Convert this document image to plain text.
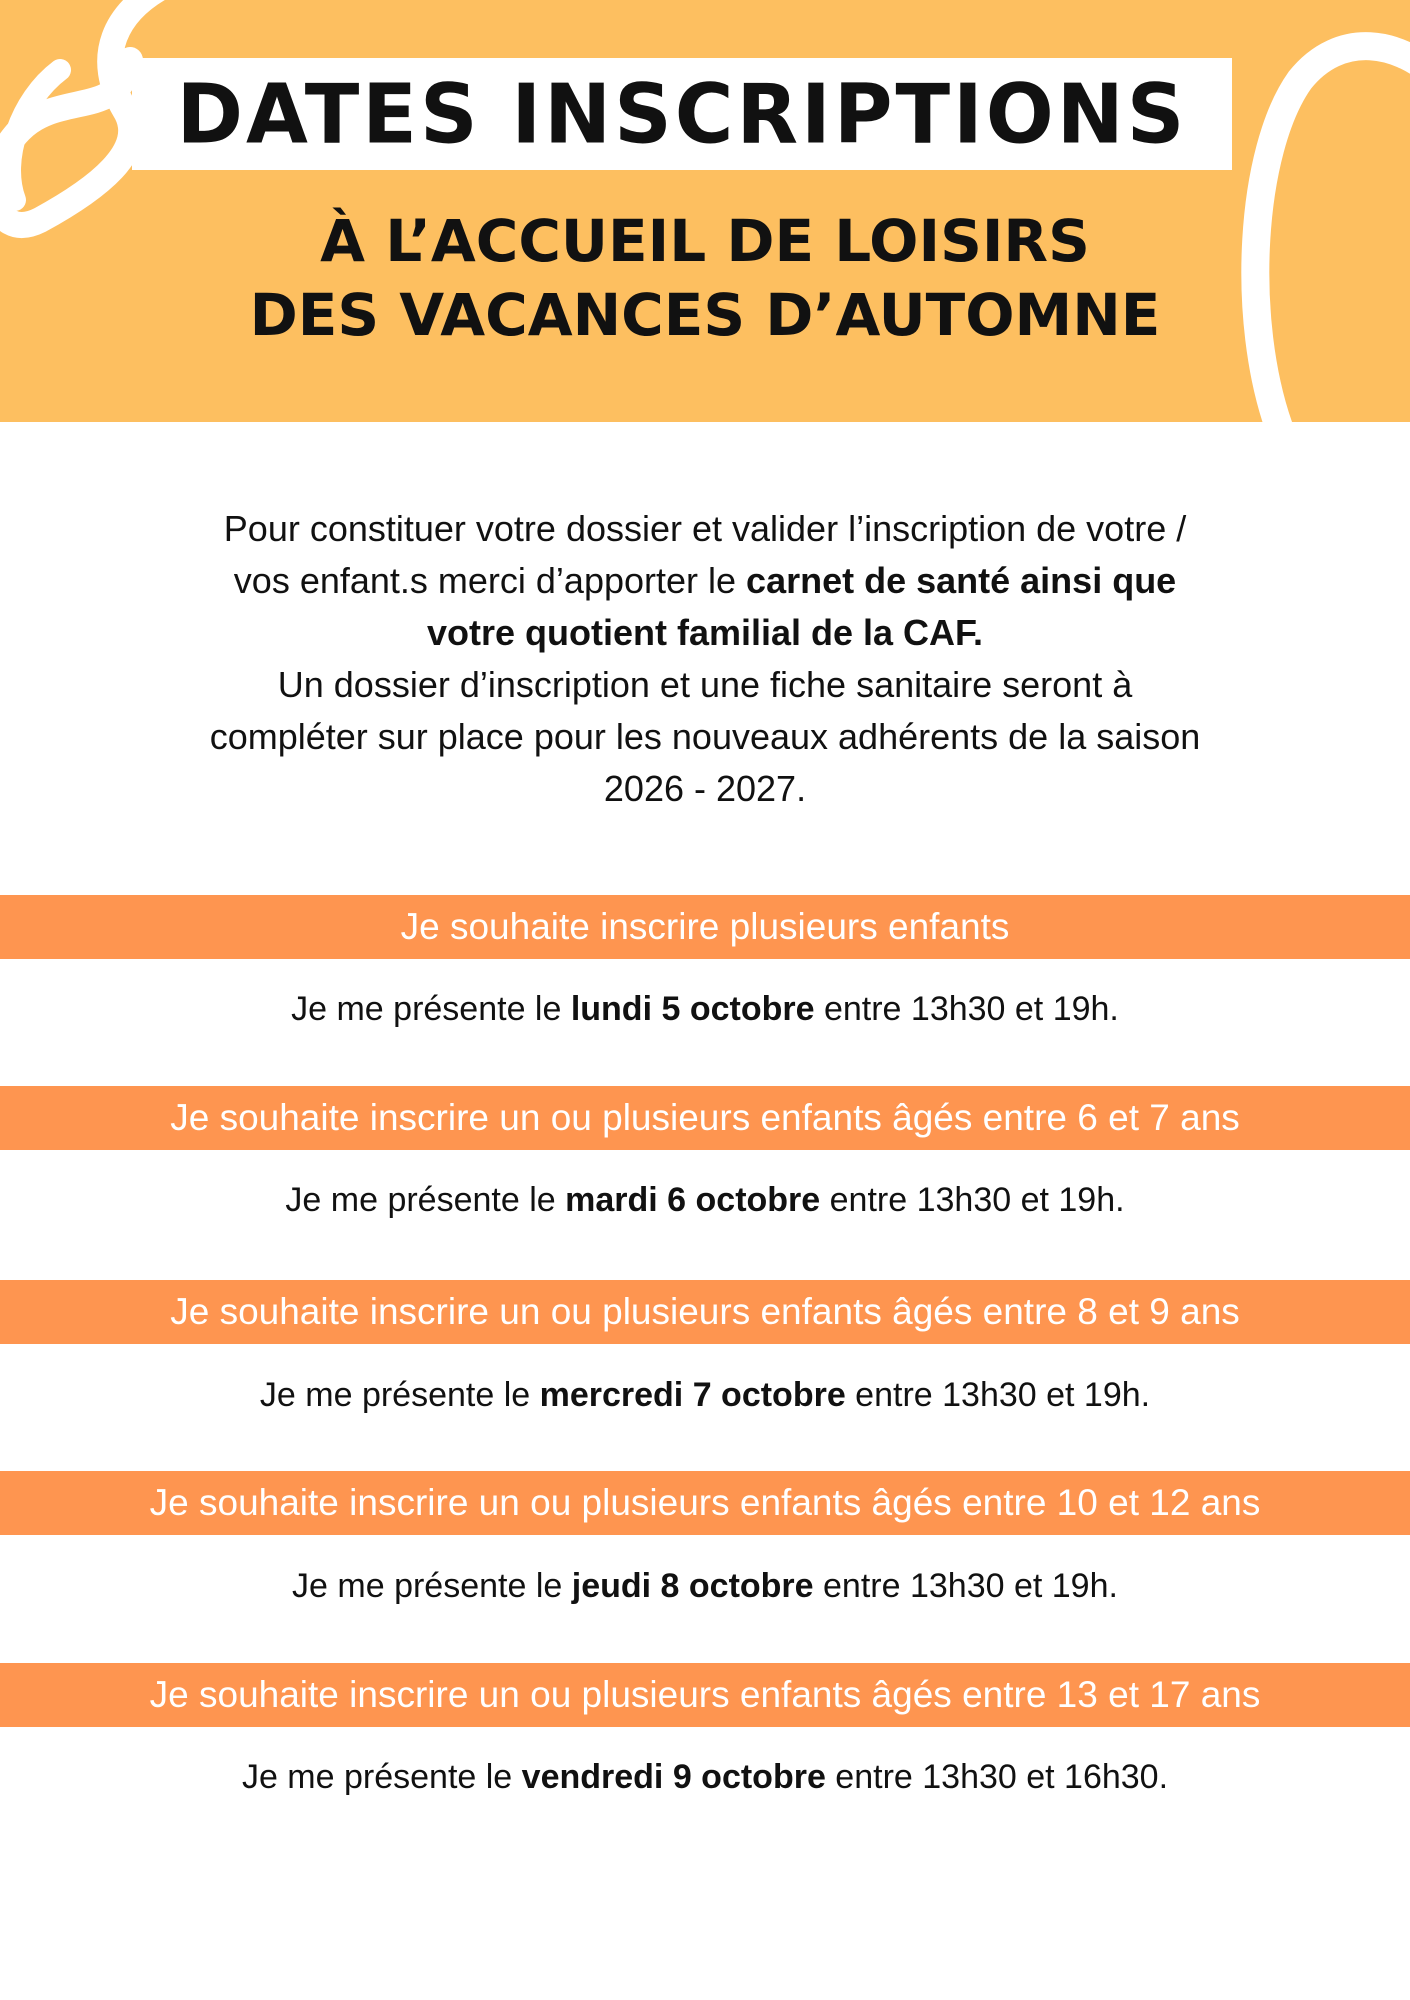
DATES INSCRIPTIONS
À L’ACCUEIL DE LOISIRS
DES VACANCES D’AUTOMNE
Pour constituer votre dossier et valider l’inscription de votre /
vos enfant.s merci d’apporter le carnet de santé ainsi que
votre quotient familial de la CAF.
Un dossier d’inscription et une fiche sanitaire seront à
compléter sur place pour les nouveaux adhérents de la saison
2026 - 2027.
Je souhaite inscrire plusieurs enfants
Je me présente le lundi 5 octobre entre 13h30 et 19h.
Je souhaite inscrire un ou plusieurs enfants âgés entre 6 et 7 ans
Je me présente le mardi 6 octobre entre 13h30 et 19h.
Je souhaite inscrire un ou plusieurs enfants âgés entre 8 et 9 ans
Je me présente le mercredi 7 octobre entre 13h30 et 19h.
Je souhaite inscrire un ou plusieurs enfants âgés entre 10 et 12 ans
Je me présente le jeudi 8 octobre entre 13h30 et 19h.
Je souhaite inscrire un ou plusieurs enfants âgés entre 13 et 17 ans
Je me présente le vendredi 9 octobre entre 13h30 et 16h30.
